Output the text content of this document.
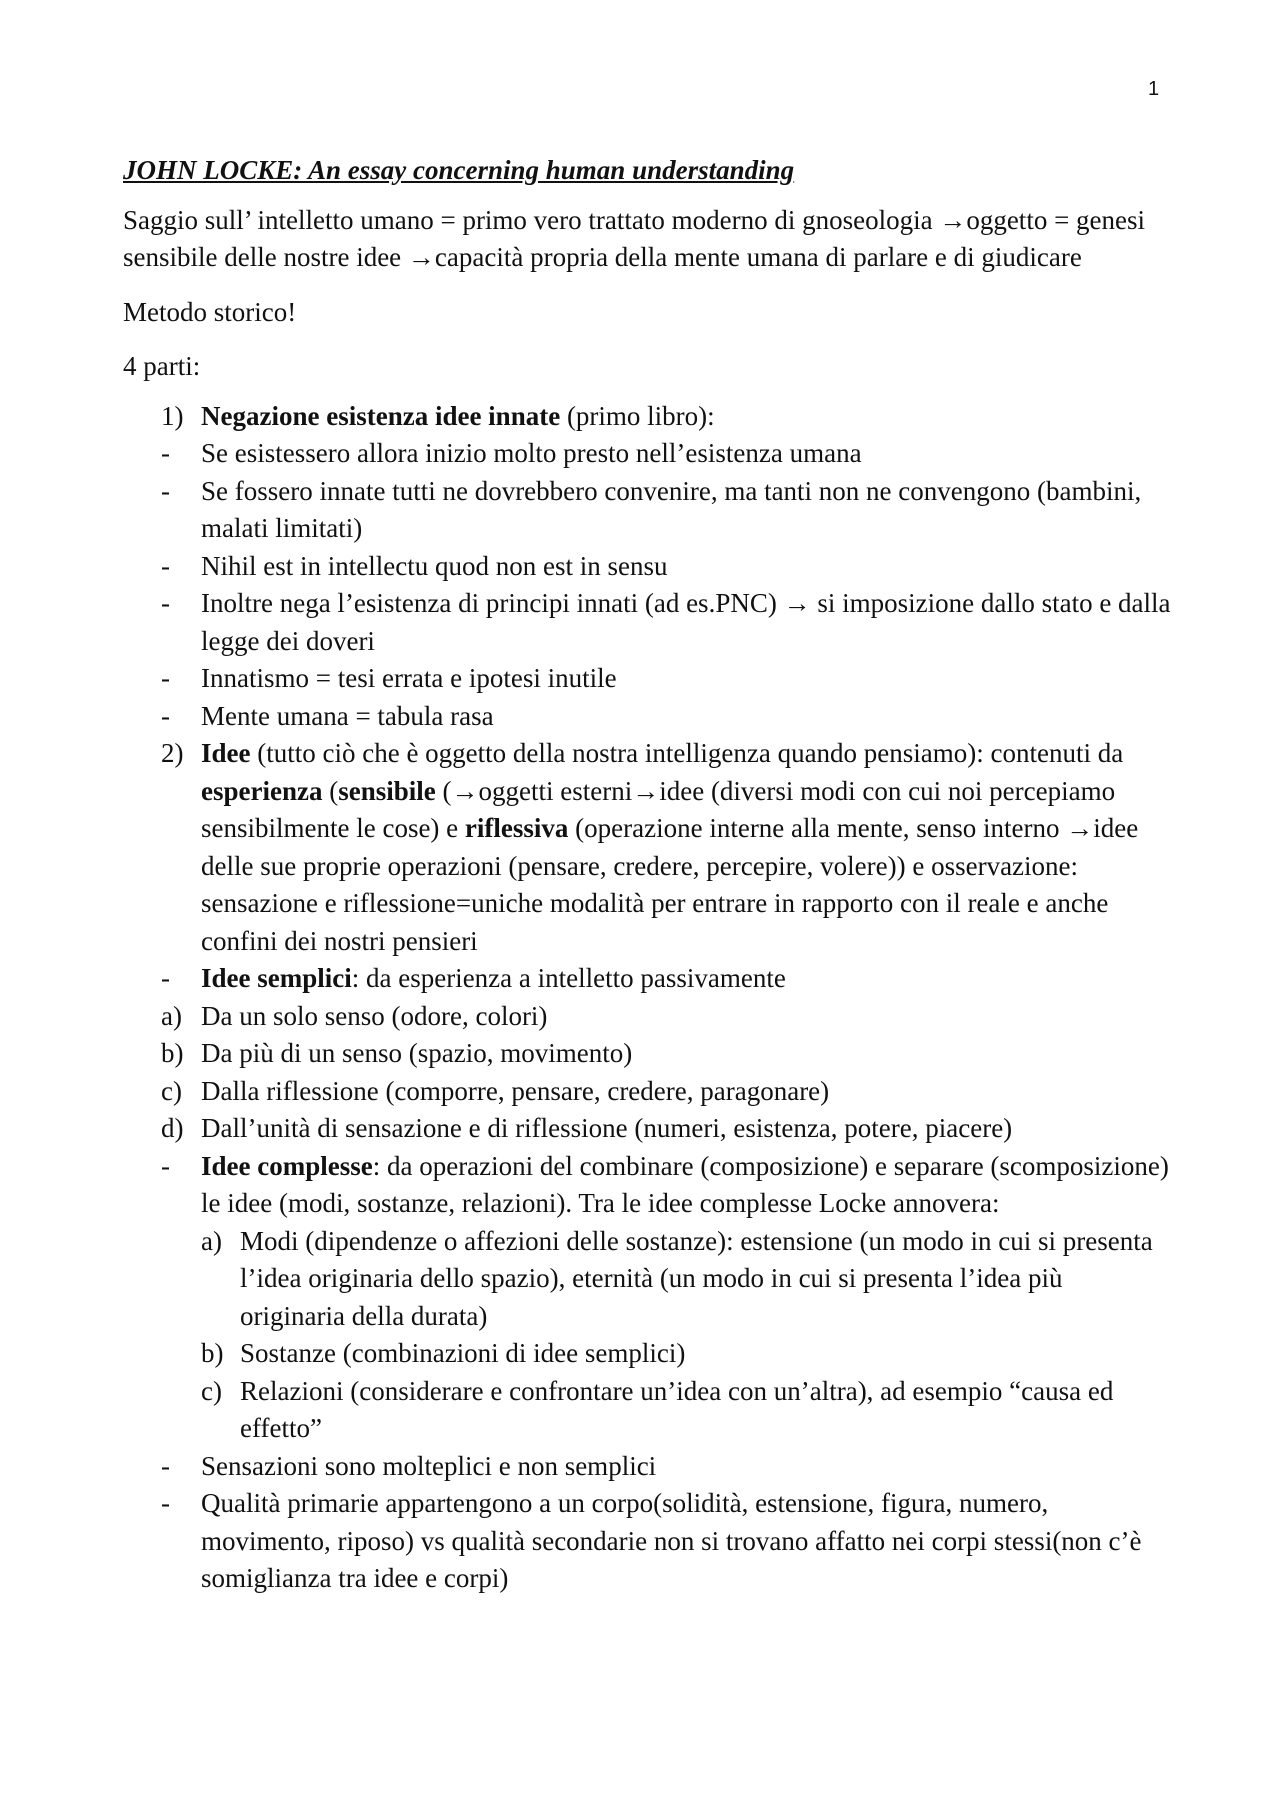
1
JOHN LOCKE: An essay concerning human understanding

Saggio sull’ intelletto umano = primo vero trattato moderno di gnoseologia →oggetto = genesi sensibile delle nostre idee →capacità propria della mente umana di parlare e di giudicare

Metodo storico!

4 parti:

1) Negazione esistenza idee innate (primo libro):
- Se esistessero allora inizio molto presto nell’esistenza umana
- Se fossero innate tutti ne dovrebbero convenire, ma tanti non ne convengono (bambini, malati limitati)
- Nihil est in intellectu quod non est in sensu
- Inoltre nega l’esistenza di principi innati (ad es.PNC) → si imposizione dallo stato e dalla legge dei doveri
- Innatismo = tesi errata e ipotesi inutile
- Mente umana = tabula rasa
2) Idee (tutto ciò che è oggetto della nostra intelligenza quando pensiamo): contenuti da esperienza (sensibile (→oggetti esterni→idee (diversi modi con cui noi percepiamo sensibilmente le cose) e riflessiva (operazione interne alla mente, senso interno →idee delle sue proprie operazioni (pensare, credere, percepire, volere)) e osservazione: sensazione e riflessione=uniche modalità per entrare in rapporto con il reale e anche confini dei nostri pensieri
- Idee semplici: da esperienza a intelletto passivamente
a) Da un solo senso (odore, colori)
b) Da più di un senso (spazio, movimento)
c) Dalla riflessione (comporre, pensare, credere, paragonare)
d) Dall’unità di sensazione e di riflessione (numeri, esistenza, potere, piacere)
- Idee complesse: da operazioni del combinare (composizione) e separare (scomposizione) le idee (modi, sostanze, relazioni). Tra le idee complesse Locke annovera:
a) Modi (dipendenze o affezioni delle sostanze): estensione (un modo in cui si presenta l’idea originaria dello spazio), eternità (un modo in cui si presenta l’idea più originaria della durata)
b) Sostanze (combinazioni di idee semplici)
c) Relazioni (considerare e confrontare un’idea con un’altra), ad esempio “causa ed effetto”
- Sensazioni sono molteplici e non semplici
- Qualità primarie appartengono a un corpo(solidità, estensione, figura, numero, movimento, riposo) vs qualità secondarie non si trovano affatto nei corpi stessi(non c’è somiglianza tra idee e corpi)
